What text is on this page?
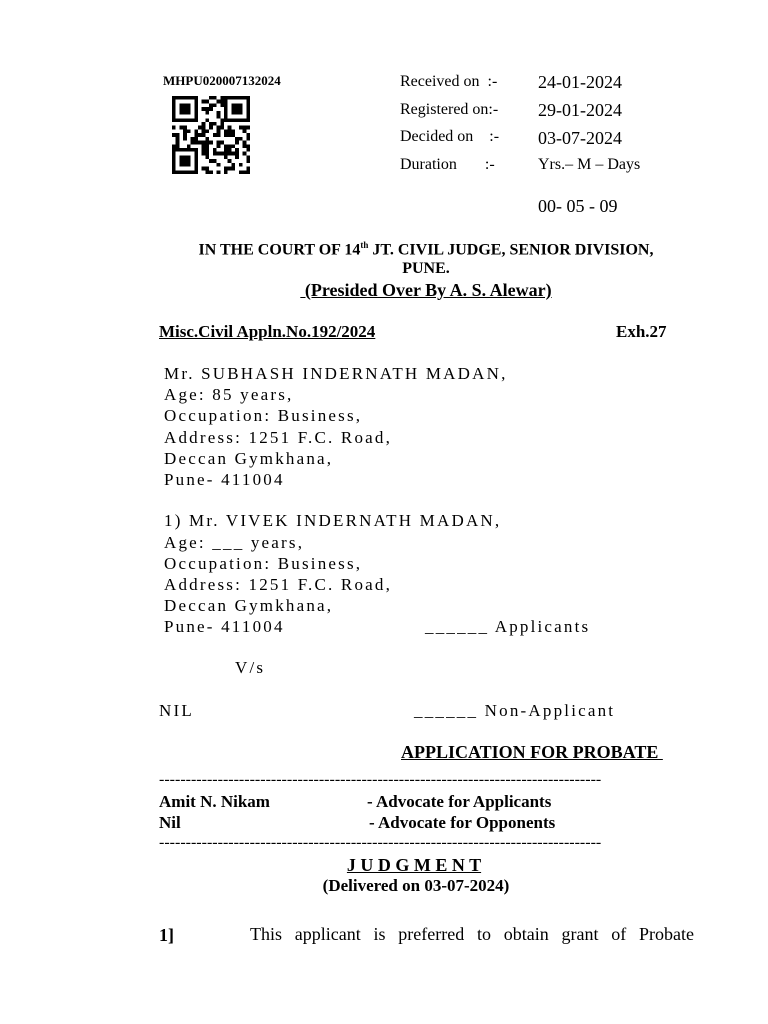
MHPU020007132024	Received on  :- 24-01-2024
Registered on:- 29-01-2024
Decided on    :- 03-07-2024
Duration       :-	Yrs.– M – Days
00- 05 - 09
IN THE COURT OF 14th JT. CIVIL JUDGE, SENIOR DIVISION,
PUNE.
(Presided Over By A. S. Alewar)
Misc.Civil Appln.No.192/2024	Exh.27
Mr. SUBHASH INDERNATH MADAN,
Age: 85 years,
Occupation: Business,
Address: 1251 F.C. Road,
Deccan Gymkhana,
Pune- 411004
1) Mr. VIVEK INDERNATH MADAN,
Age: ___ years,
Occupation: Business,
Address: 1251 F.C. Road,
Deccan Gymkhana,
Pune- 411004	______ Applicants
V/s
NIL	______ Non-Applicant
APPLICATION FOR PROBATE
-----------------------------------------------------------------------------------
Amit N. Nikam	- Advocate for Applicants
Nil	- Advocate for Opponents
-----------------------------------------------------------------------------------
J U D G M E N T
(Delivered on 03-07-2024)
1]	This applicant is preferred to obtain grant of Probate
